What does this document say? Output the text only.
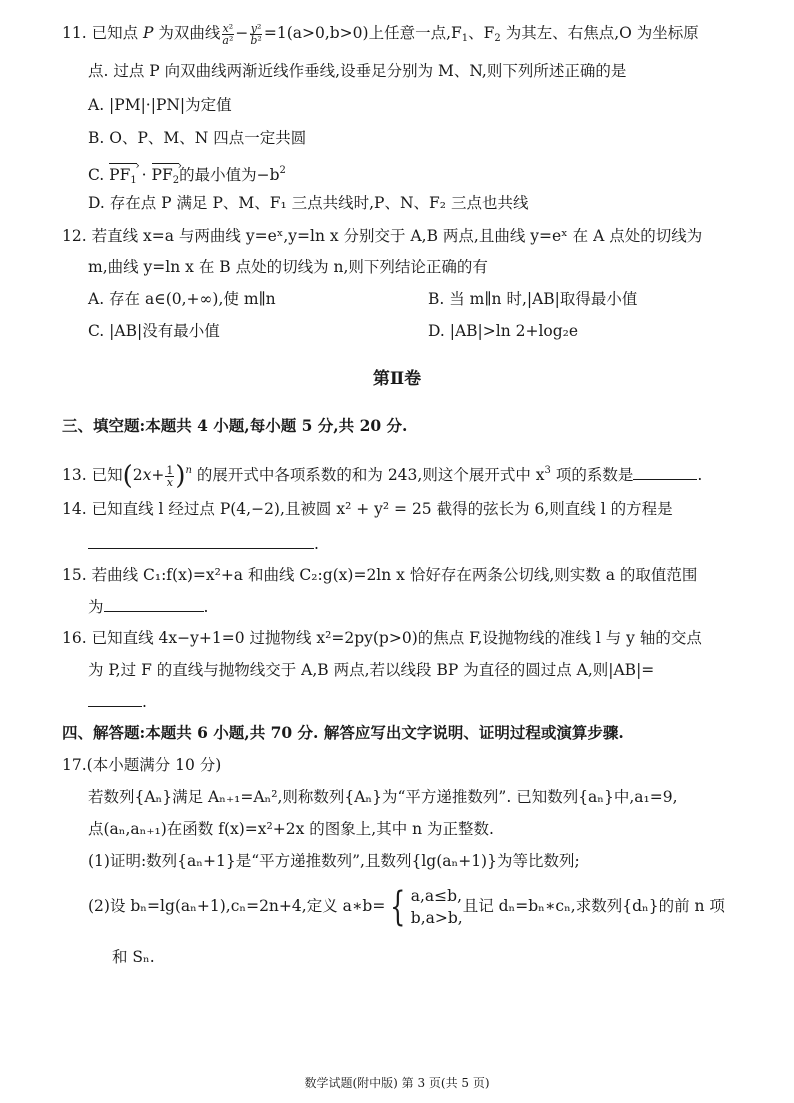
11. 已知点 P 为双曲线 $\frac{\text{x²}}{\text{a²}} - \frac{\text{y²}}{\text{b²}} =1(a>0,b>0)$上任意一点$,F_1$、$F_2$ 为其左、右焦点,O 为坐标原
点. 过点 P 向双曲线两渐近线作垂线,设垂足分别为 M、N,则下列所述正确的是
A. |PM|·|PN|为定值
B. O、P、M、N 四点一定共圆
C. $PF_1$ › · $PF_2$ ›的最小值为$-b^2$
D. 存在点 P 满足 P、M、F₁ 三点共线时,P、N、F₂ 三点也共线
12. 若直线 x=a 与两曲线 y=eˣ,y=ln x 分别交于 A,B 两点,且曲线 y=eˣ 在 A 点处的切线为
m,曲线 y=ln x 在 B 点处的切线为 n,则下列结论正确的有
A. 存在 a∈(0,+∞),使 m∥n	B. 当 m∥n 时,|AB|取得最小值
C. |AB|没有最小值	D. |AB|>ln 2+log₂e
第Ⅱ卷
三、填空题:本题共 4 小题,每小题 5 分,共 20 分.
13. 已知$(2x+ \frac{1}{x} )^n$ 的展开式中各项系数的和为 243,则这个展开式中 $x^3$ 项的系数是	.
14. 已知直线 l 经过点 P(4,−2),且被圆 x² + y² = 25 截得的弦长为 6,则直线 l 的方程是
.
15. 若曲线 C₁:f(x)=x²+a 和曲线 C₂:g(x)=2ln x 恰好存在两条公切线,则实数 a 的取值范围
为	.
16. 已知直线 4x−y+1=0 过抛物线 x²=2py(p>0)的焦点 F,设抛物线的准线 l 与 y 轴的交点
为 P,过 F 的直线与抛物线交于 A,B 两点,若以线段 BP 为直径的圆过点 A,则|AB|=
.
四、解答题:本题共 6 小题,共 70 分. 解答应写出文字说明、证明过程或演算步骤.
17.(本小题满分 10 分)
若数列{Aₙ}满足 Aₙ₊₁=Aₙ²,则称数列{Aₙ}为“平方递推数列”. 已知数列{aₙ}中,a₁=9,
点(aₙ,aₙ₊₁)在函数 f(x)=x²+2x 的图象上,其中 n 为正整数.
(1)证明:数列{aₙ+1}是“平方递推数列”,且数列{lg(aₙ+1)}为等比数列;
(2)设 bₙ=lg(aₙ+1),cₙ=2n+4,定义 a∗b= { a,a≤b,
b,a>b,
且记 dₙ=bₙ∗cₙ,求数列{dₙ}的前 n 项
和 Sₙ.
数学试题(附中版) 第 3 页(共 5 页)
